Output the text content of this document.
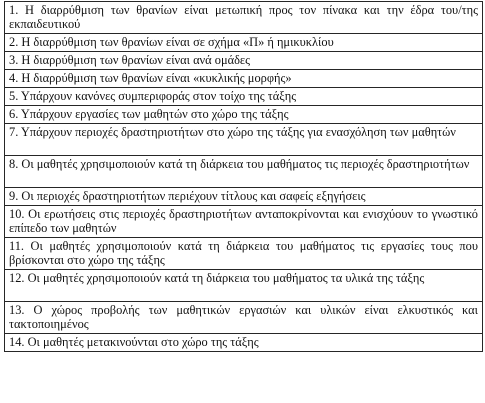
1. Η διαρρύθμιση των θρανίων είναι μετωπική προς τον πίνακα και την έδρα του/της εκπαιδευτικού
2. Η διαρρύθμιση των θρανίων είναι σε σχήμα «Π» ή ημικυκλίου
3. Η διαρρύθμιση των θρανίων είναι ανά ομάδες
4. Η διαρρύθμιση των θρανίων είναι «κυκλικής μορφής»
5. Υπάρχουν κανόνες συμπεριφοράς στον τοίχο της τάξης
6. Υπάρχουν εργασίες των μαθητών στο χώρο της τάξης
7. Υπάρχουν περιοχές δραστηριοτήτων στο χώρο της τάξης για ενασχόληση των μαθητών
8. Οι μαθητές χρησιμοποιούν κατά τη διάρκεια του μαθήματος τις περιοχές δραστηριοτήτων
9. Οι περιοχές δραστηριοτήτων περιέχουν τίτλους και σαφείς εξηγήσεις
10. Οι ερωτήσεις στις περιοχές δραστηριοτήτων ανταποκρίνονται και ενισχύουν το γνωστικό επίπεδο των μαθητών
11. Οι μαθητές χρησιμοποιούν κατά τη διάρκεια του μαθήματος τις εργασίες τους που βρίσκονται στο χώρο της τάξης
12. Οι μαθητές χρησιμοποιούν κατά τη διάρκεια του μαθήματος τα υλικά της τάξης
13. Ο χώρος προβολής των μαθητικών εργασιών και υλικών είναι ελκυστικός και τακτοποιημένος
14. Οι μαθητές μετακινούνται στο χώρο της τάξης
